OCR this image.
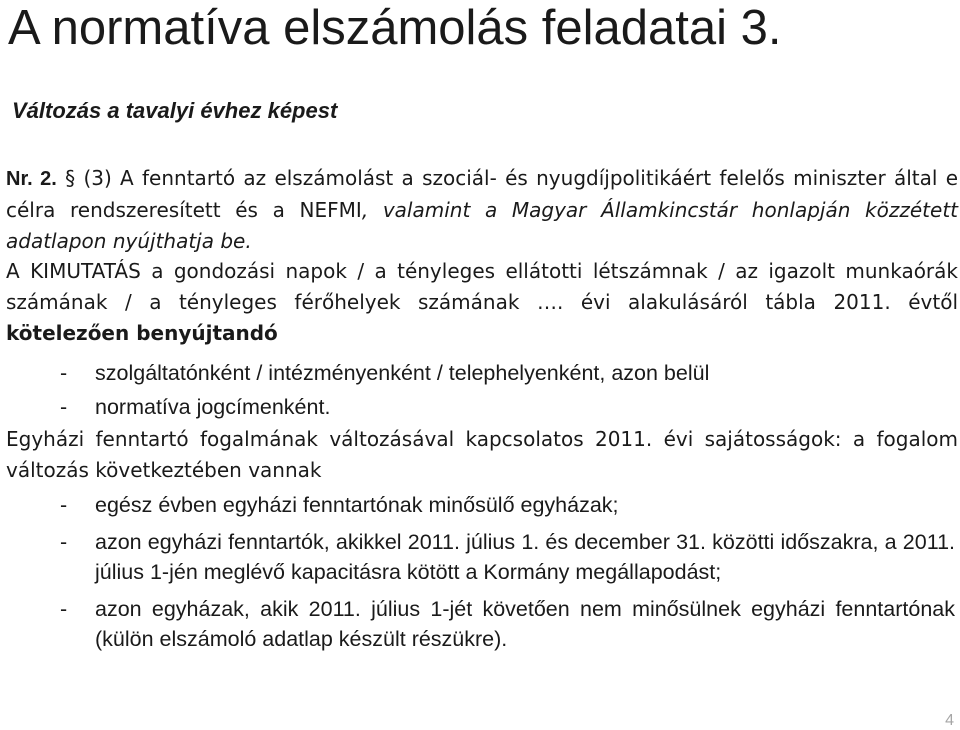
A normatíva elszámolás feladatai 3.
Változás a tavalyi évhez képest
Nr. 2. § (3) A fenntartó az elszámolást a szociál- és nyugdíjpolitikáért felelős miniszter által e célra rendszeresített és a NEFMI, valamint a Magyar Államkincstár honlapján közzétett adatlapon nyújthatja be.
A KIMUTATÁS a gondozási napok / a tényleges ellátotti létszámnak / az igazolt munkaórák számának / a tényleges férőhelyek számának …. évi alakulásáról tábla 2011. évtől kötelezően benyújtandó
- szolgáltatónként / intézményenként / telephelyenként, azon belül
- normatíva jogcímenként.
Egyházi fenntartó fogalmának változásával kapcsolatos 2011. évi sajátosságok: a fogalom változás következtében vannak
- egész évben egyházi fenntartónak minősülő egyházak;
- azon egyházi fenntartók, akikkel 2011. július 1. és december 31. közötti időszakra, a 2011. július 1-jén meglévő kapacitásra kötött a Kormány megállapodást;
- azon egyházak, akik 2011. július 1-jét követően nem minősülnek egyházi fenntartónak (külön elszámoló adatlap készült részükre).
4
